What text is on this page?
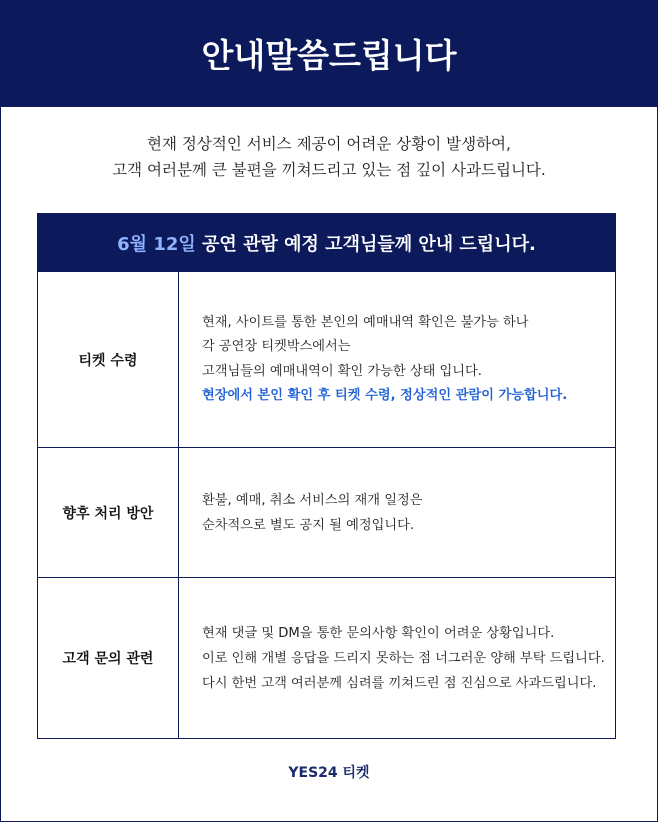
안내말씀드립니다

현재 정상적인 서비스 제공이 어려운 상황이 발생하여,

고객 여러분께 큰 불편을 끼쳐드리고 있는 점 깊이 사과드립니다.

6월 12일 공연 관람 예정 고객님들께 안내 드립니다.
티켓 수령

현재, 사이트를 통한 본인의 예매내역 확인은 불가능 하나

각 공연장 티켓박스에서는

고객님들의 예매내역이 확인 가능한 상태 입니다.

현장에서 본인 확인 후 티켓 수령, 정상적인 관람이 가능합니다.

향후 처리 방안

환불, 예매, 취소 서비스의 재개 일정은

순차적으로 별도 공지 될 예정입니다.

고객 문의 관련

현재 댓글 및 DM을 통한 문의사항 확인이 어려운 상황입니다.

이로 인해 개별 응답을 드리지 못하는 점 너그러운 양해 부탁 드립니다.

다시 한번 고객 여러분께 심려를 끼쳐드린 점 진심으로 사과드립니다.

YES24 티켓
